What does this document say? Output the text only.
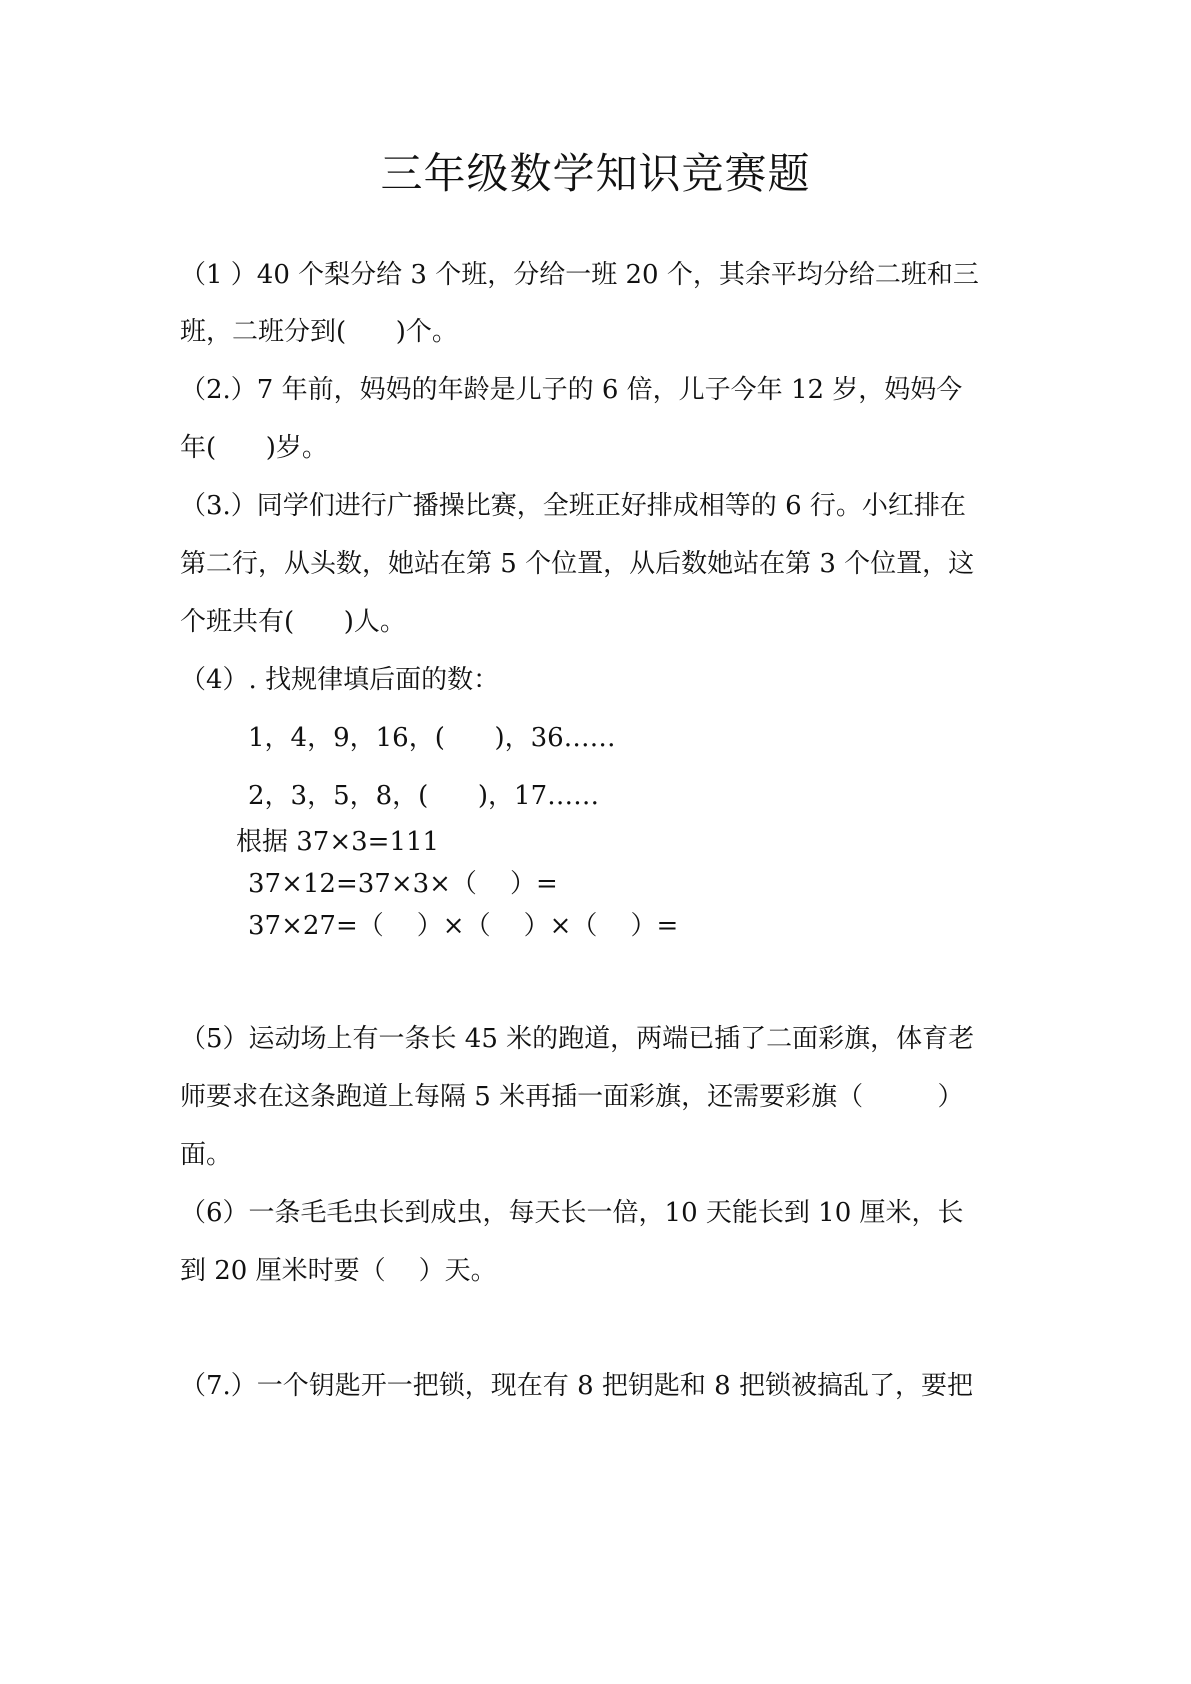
三年级数学知识竞赛题

（1 ）40 个梨分给 3 个班，分给一班 20 个，其余平均分给二班和三

班，二班分到(      )个。

（2.）7 年前，妈妈的年龄是儿子的 6 倍，儿子今年 12 岁，妈妈今

年(      )岁。

（3.）同学们进行广播操比赛，全班正好排成相等的 6 行。小红排在

第二行，从头数，她站在第 5 个位置，从后数她站在第 3 个位置，这

个班共有(      )人。

（4）. 找规律填后面的数：

1，4，9，16，(      )，36……

2，3，5，8，(      )，17……

根据 37×3=111

37×12=37×3×（    ）=

37×27=（    ）×（    ）×（    ）=

（5）运动场上有一条长 45 米的跑道，两端已插了二面彩旗，体育老

师要求在这条跑道上每隔 5 米再插一面彩旗，还需要彩旗（         ）

面。

（6）一条毛毛虫长到成虫，每天长一倍，10 天能长到 10 厘米，长

到 20 厘米时要（    ）天。

（7.）一个钥匙开一把锁，现在有 8 把钥匙和 8 把锁被搞乱了，要把
